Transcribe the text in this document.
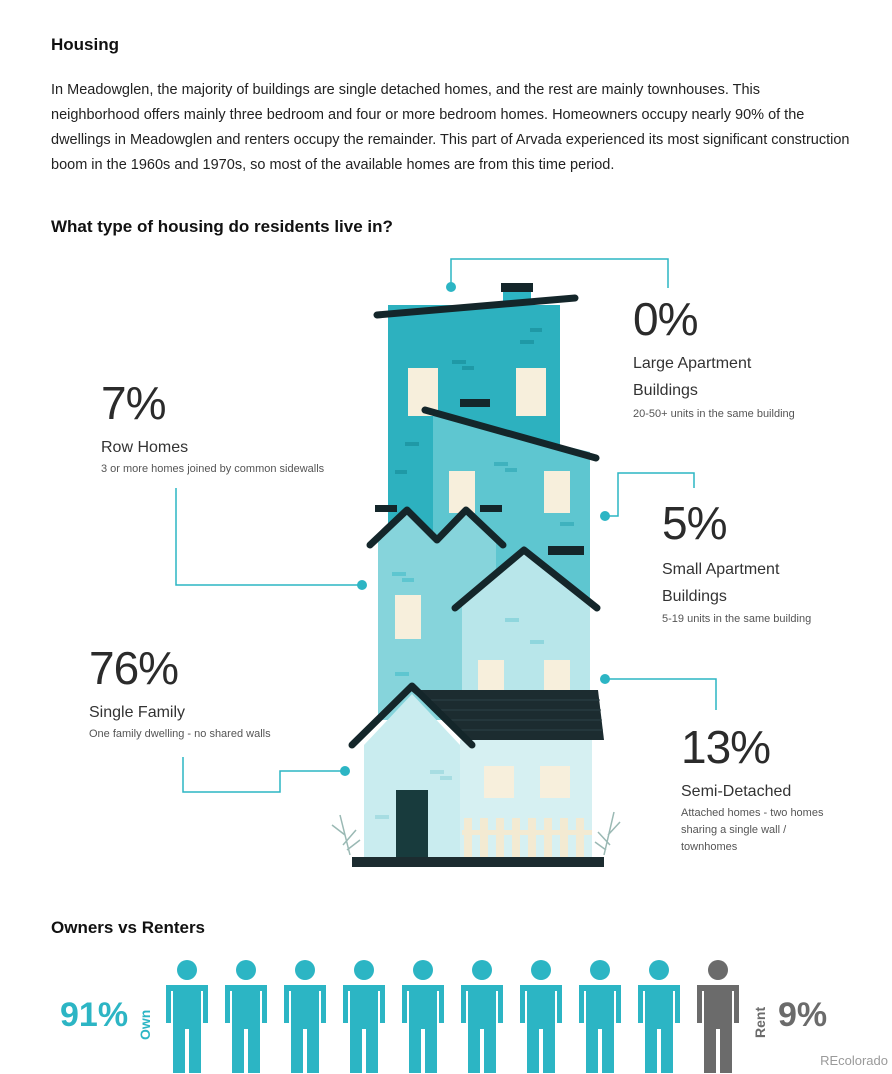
Housing
In Meadowglen, the majority of buildings are single detached homes, and the rest are mainly townhouses. This neighborhood offers mainly three bedroom and four or more bedroom homes. Homeowners occupy nearly 90% of the dwellings in Meadowglen and renters occupy the remainder. This part of Arvada experienced its most significant construction boom in the 1960s and 1970s, so most of the available homes are from this time period.
What type of housing do residents live in?
0%
Large Apartment
Buildings
20-50+ units in the same building
7%
Row Homes
3 or more homes joined by common sidewalls
5%
Small Apartment
Buildings
5-19 units in the same building
76%
Single Family
One family dwelling - no shared walls	13%
Semi-Detached
Attached homes - two homes
sharing a single wall /
townhomes
Owners vs Renters
91% Own	Rent 9%
REcolorado
